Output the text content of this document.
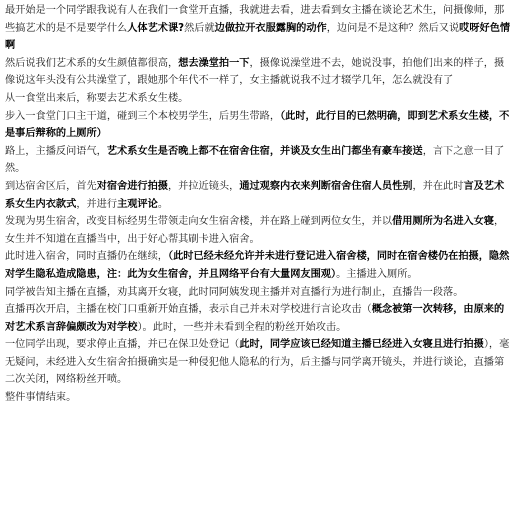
最开始是一个同学跟我说有人在我们一食堂开直播，我就进去看，进去看到女主播在谈论艺术生，问摄像师，那些搞艺术的是不是要学什么人体艺术课?然后就边做拉开衣服露胸的动作，边问是不是这种？然后又说哎呀好色情啊

然后说我们艺术系的女生颜值都很高，想去澡堂拍一下，摄像说澡堂进不去，她说没事，拍他们出来的样子，摄像说这年头没有公共澡堂了，跟她那个年代不一样了，女主播就说我不过才辍学几年，怎么就没有了

从一食堂出来后，称要去艺术系女生楼。

步入一食堂门口主干道，碰到三个本校男学生，后男生带路，（此时，此行目的已然明确，即到艺术系女生楼，不是事后辩称的上厕所）

路上，主播反问语气，艺术系女生是否晚上都不在宿舍住宿，并谈及女生出门都坐有豪车接送，言下之意一目了然。

到达宿舍区后，首先对宿舍进行拍摄，并拉近镜头，通过观察内衣来判断宿舍住宿人员性别，并在此时言及艺术系女生内衣款式，并进行主观评论。

发现为男生宿舍，改变目标经男生带领走向女生宿舍楼，并在路上碰到两位女生，并以借用厕所为名进入女寝，女生并不知道在直播当中，出于好心帮其刷卡进入宿舍。

此时进入宿舍，同时直播仍在继续，（此时已经未经允许并未进行登记进入宿舍楼，同时在宿舍楼仍在拍摄，隐然对学生隐私造成隐患，注：此为女生宿舍，并且网络平台有大量网友围观）。主播进入厕所。

同学被告知主播在直播，劝其离开女寝，此时同阿姨发现主播并对直播行为进行制止，直播告一段落。

直播再次开启，主播在校门口重新开始直播，表示自己并未对学校进行言论攻击（概念被第一次转移，由原来的对艺术系言辞偏颇改为对学校）。此时，一些并未看到全程的粉丝开始攻击。

一位同学出现，要求停止直播，并已在保卫处登记（此时，同学应该已经知道主播已经进入女寝且进行拍摄），毫无疑问，未经进入女生宿舍拍摄确实是一种侵犯他人隐私的行为，后主播与同学离开镜头，并进行谈论，直播第二次关闭，网络粉丝开喷。

整件事情结束。
